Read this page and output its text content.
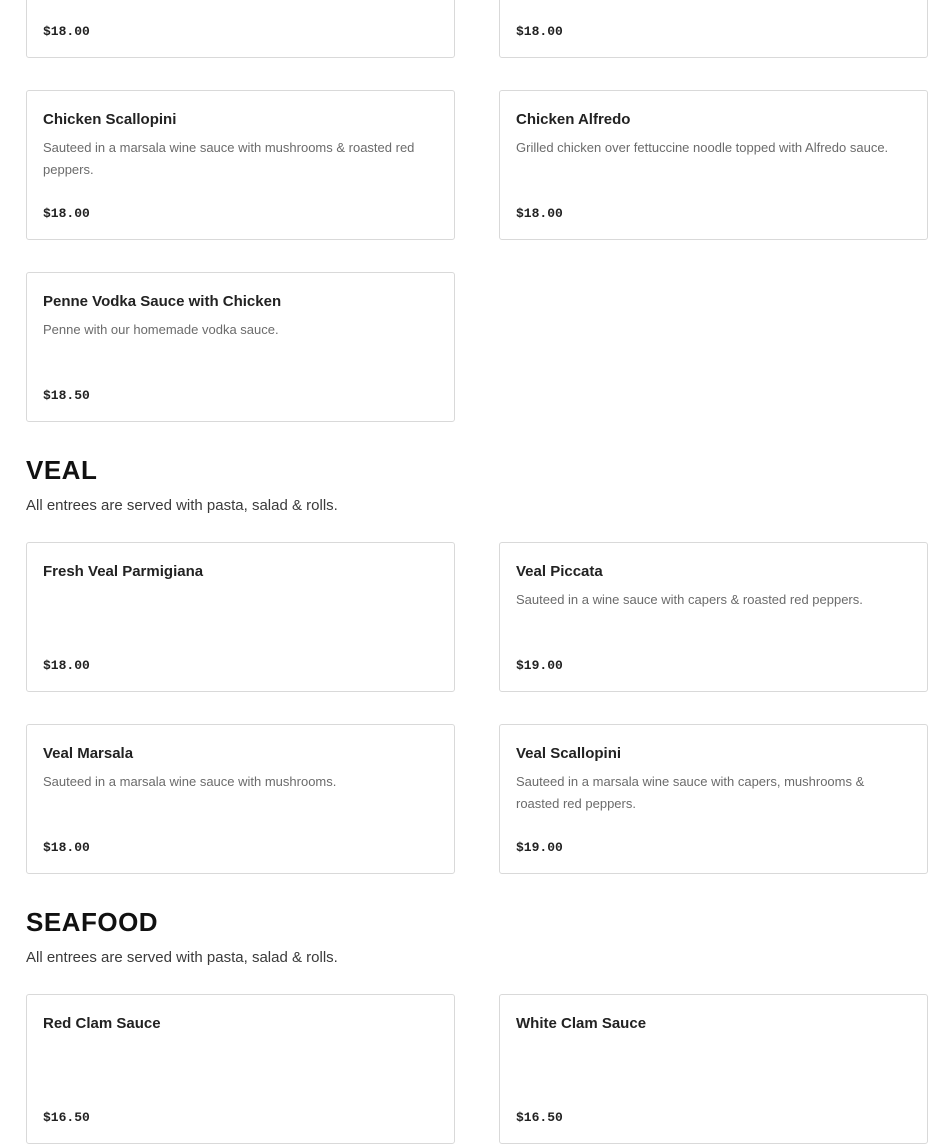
$18.00	$18.00
Chicken Scallopini
Sauteed in a marsala wine sauce with mushrooms & roasted red peppers.
$18.00
Chicken Alfredo
Grilled chicken over fettuccine noodle topped with Alfredo sauce.
$18.00
Penne Vodka Sauce with Chicken
Penne with our homemade vodka sauce.
$18.50
VEAL

All entrees are served with pasta, salad & rolls.

Fresh Veal Parmigiana
$18.00
Veal Piccata
Sauteed in a wine sauce with capers & roasted red peppers.
$19.00
Veal Marsala
Sauteed in a marsala wine sauce with mushrooms.
$18.00
Veal Scallopini
Sauteed in a marsala wine sauce with capers, mushrooms & roasted red peppers.
$19.00
SEAFOOD

All entrees are served with pasta, salad & rolls.

Red Clam Sauce
$16.50
White Clam Sauce
$16.50
